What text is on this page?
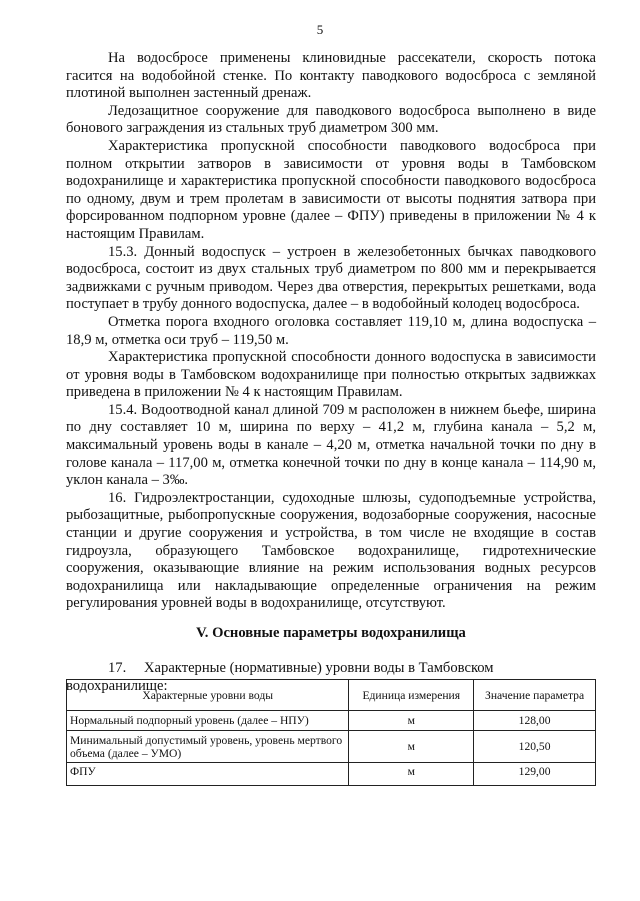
5

На водосбросе применены клиновидные рассекатели, скорость потока гасится на водобойной стенке. По контакту паводкового водосброса с земляной плотиной выполнен застенный дренаж.

Ледозащитное сооружение для паводкового водосброса выполнено в виде бонового заграждения из стальных труб диаметром 300 мм.

Характеристика пропускной способности паводкового водосброса при полном открытии затворов в зависимости от уровня воды в Тамбовском водохранилище и характеристика пропускной способности паводкового водосброса по одному, двум и трем пролетам в зависимости от высоты поднятия затвора при форсированном подпорном уровне (далее – ФПУ) приведены в приложении № 4 к настоящим Правилам.

15.3. Донный водоспуск – устроен в железобетонных бычках паводкового водосброса, состоит из двух стальных труб диаметром по 800 мм и перекрывается задвижками с ручным приводом. Через два отверстия, перекрытых решетками, вода поступает в трубу донного водоспуска, далее – в водобойный колодец водосброса.

Отметка порога входного оголовка составляет 119,10 м, длина водоспуска – 18,9 м, отметка оси труб – 119,50 м.

Характеристика пропускной способности донного водоспуска в зависимости от уровня воды в Тамбовском водохранилище при полностью открытых задвижках приведена в приложении № 4 к настоящим Правилам.

15.4. Водоотводной канал длиной 709 м расположен в нижнем бьефе, ширина по дну составляет 10 м, ширина по верху – 41,2 м, глубина канала – 5,2 м, максимальный уровень воды в канале – 4,20 м, отметка начальной точки по дну в голове канала – 117,00 м, отметка конечной точки по дну в конце канала – 114,90 м, уклон канала – 3‰.

16. Гидроэлектростанции, судоходные шлюзы, судоподъемные устройства, рыбозащитные, рыбопропускные сооружения, водозаборные сооружения, насосные станции и другие сооружения и устройства, в том числе не входящие в состав гидроузла, образующего Тамбовское водохранилище, гидротехнические сооружения, оказывающие влияние на режим использования водных ресурсов водохранилища или накладывающие определенные ограничения на режим регулирования уровней воды в водохранилище, отсутствуют.

V. Основные параметры водохранилища
17. Характерные (нормативные) уровни воды в Тамбовском водохранилище:
Характерные уровни воды	Единица измерения	Значение параметра
Нормальный подпорный уровень (далее – НПУ)	м	128,00
Минимальный допустимый уровень, уровень мертвого объема (далее – УМО)	м	120,50
ФПУ	м	129,00
